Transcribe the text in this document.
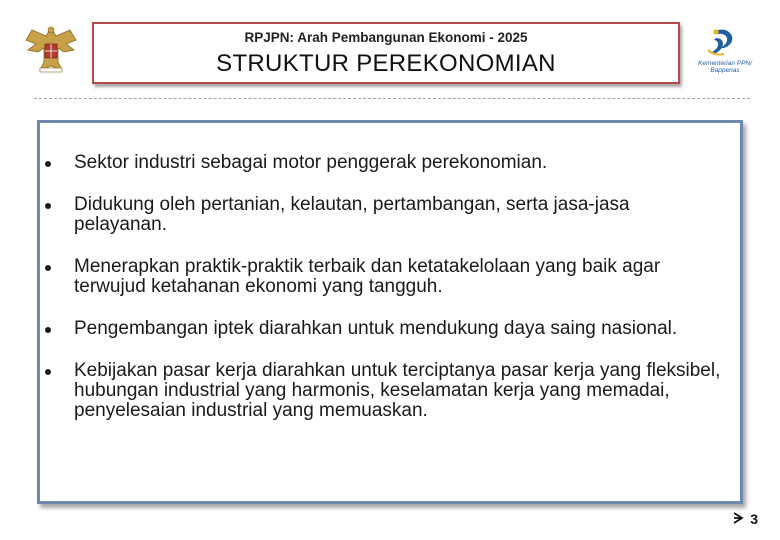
RPJPN: Arah Pembangunan Ekonomi - 2025
STRUKTUR PEREKONOMIAN	Kementerian PPN/
Bappenas
Sektor industri sebagai motor penggerak perekonomian.
Didukung oleh pertanian, kelautan, pertambangan, serta jasa-jasa pelayanan.
Menerapkan praktik-praktik terbaik dan ketatakelolaan yang baik agar terwujud ketahanan ekonomi yang tangguh.
Pengembangan iptek diarahkan untuk mendukung daya saing nasional.
Kebijakan pasar kerja diarahkan untuk terciptanya pasar kerja yang fleksibel, hubungan industrial yang harmonis, keselamatan kerja yang memadai, penyelesaian industrial yang memuaskan.
3
